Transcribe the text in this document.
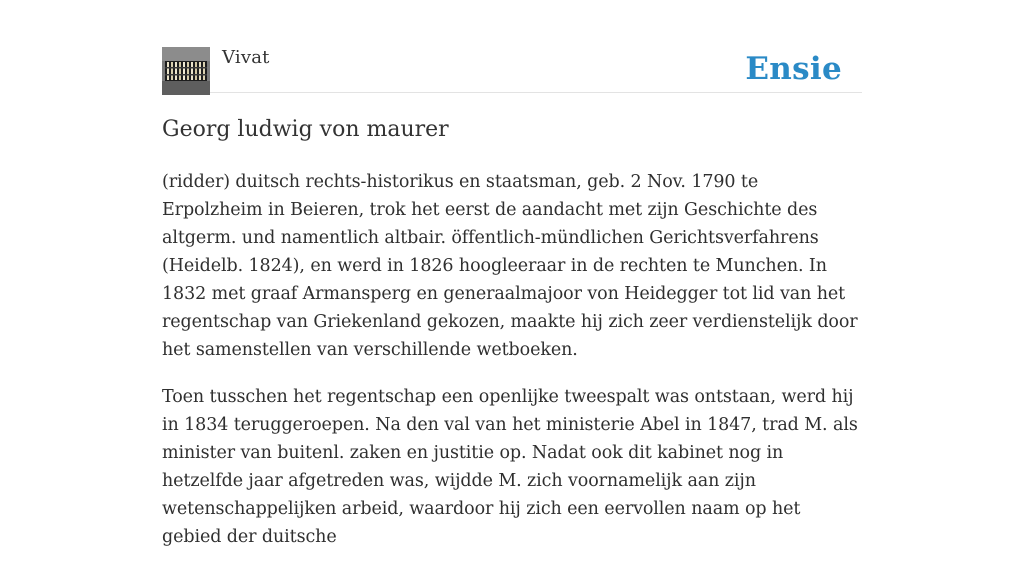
Vivat	Ensie
Georg ludwig von maurer

(ridder) duitsch rechts-historikus en staatsman, geb. 2 Nov. 1790 te Erpolzheim in Beieren, trok het eerst de aandacht met zijn Geschichte des altgerm. und namentlich altbair. öffentlich-mündlichen Gerichtsverfahrens (Heidelb. 1824), en werd in 1826 hoogleeraar in de rechten te Munchen. In 1832 met graaf Armansperg en generaalmajoor von Heidegger tot lid van het regentschap van Griekenland gekozen, maakte hij zich zeer verdienstelijk door het samenstellen van verschillende wetboeken.

Toen tusschen het regentschap een openlijke tweespalt was ontstaan, werd hij in 1834 teruggeroepen. Na den val van het ministerie Abel in 1847, trad M. als minister van buitenl. zaken en justitie op. Nadat ook dit kabinet nog in hetzelfde jaar afgetreden was, wijdde M. zich voornamelijk aan zijn wetenschappelijken arbeid, waardoor hij zich een eervollen naam op het gebied der duitsche
